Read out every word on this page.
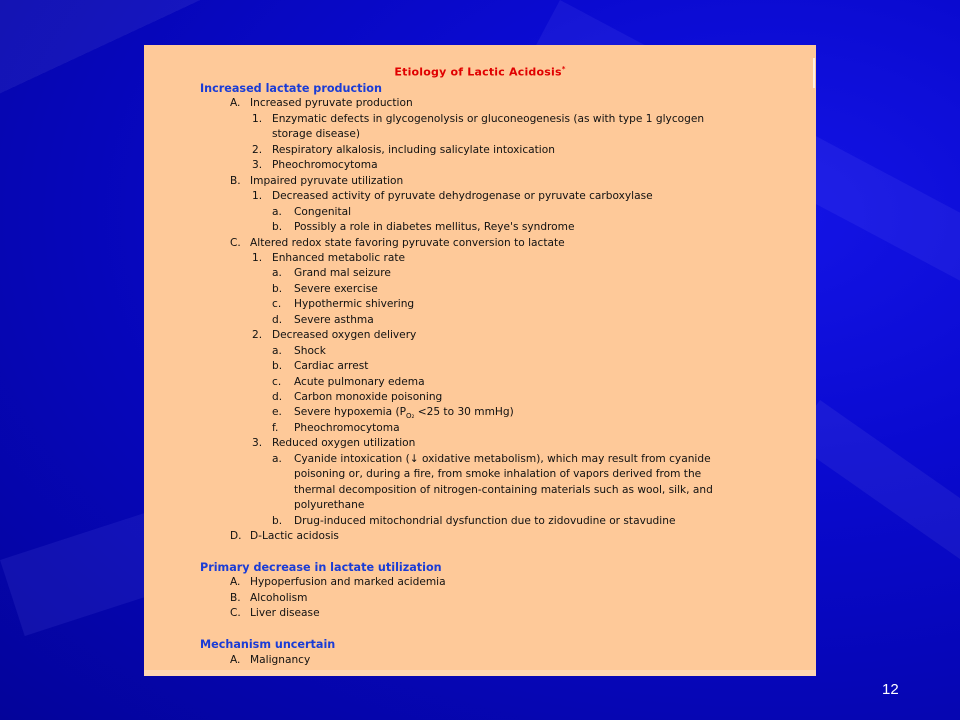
Etiology of Lactic Acidosis*
Increased lactate production
A. Increased pyruvate production
1. Enzymatic defects in glycogenolysis or gluconeogenesis (as with type 1 glycogen
storage disease)
2. Respiratory alkalosis, including salicylate intoxication
3. Pheochromocytoma
B. Impaired pyruvate utilization
1. Decreased activity of pyruvate dehydrogenase or pyruvate carboxylase
a. Congenital
b. Possibly a role in diabetes mellitus, Reye's syndrome
C. Altered redox state favoring pyruvate conversion to lactate
1. Enhanced metabolic rate
a. Grand mal seizure
b. Severe exercise
c. Hypothermic shivering
d. Severe asthma
2. Decreased oxygen delivery
a. Shock
b. Cardiac arrest
c. Acute pulmonary edema
d. Carbon monoxide poisoning
e. Severe hypoxemia ($P_{O_2} <25$ to 30 mmHg)
f. Pheochromocytoma
3. Reduced oxygen utilization
a. Cyanide intoxication (↓ oxidative metabolism), which may result from cyanide
poisoning or, during a fire, from smoke inhalation of vapors derived from the
thermal decomposition of nitrogen-containing materials such as wool, silk, and
polyurethane
b. Drug-induced mitochondrial dysfunction due to zidovudine or stavudine
D. D-Lactic acidosis
Primary decrease in lactate utilization
A. Hypoperfusion and marked acidemia
B. Alcoholism
C. Liver disease
Mechanism uncertain
A. Malignancy
12
